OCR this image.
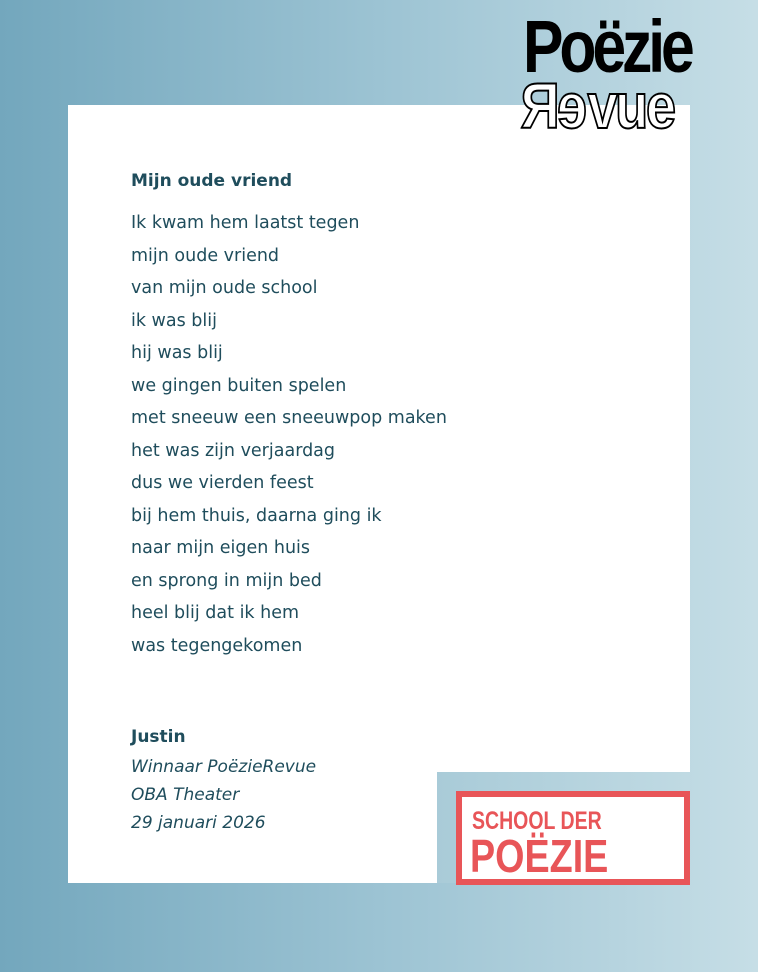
Poëzie
Revue
Mijn oude vriend
Ik kwam hem laatst tegen
mijn oude vriend
van mijn oude school
ik was blij
hij was blij
we gingen buiten spelen
met sneeuw een sneeuwpop maken
het was zijn verjaardag
dus we vierden feest
bij hem thuis, daarna ging ik
naar mijn eigen huis
en sprong in mijn bed
heel blij dat ik hem
was tegengekomen
Justin
Winnaar PoëzieRevue
OBA Theater
29 januari 2026	SCHOOL DER
POËZIE
